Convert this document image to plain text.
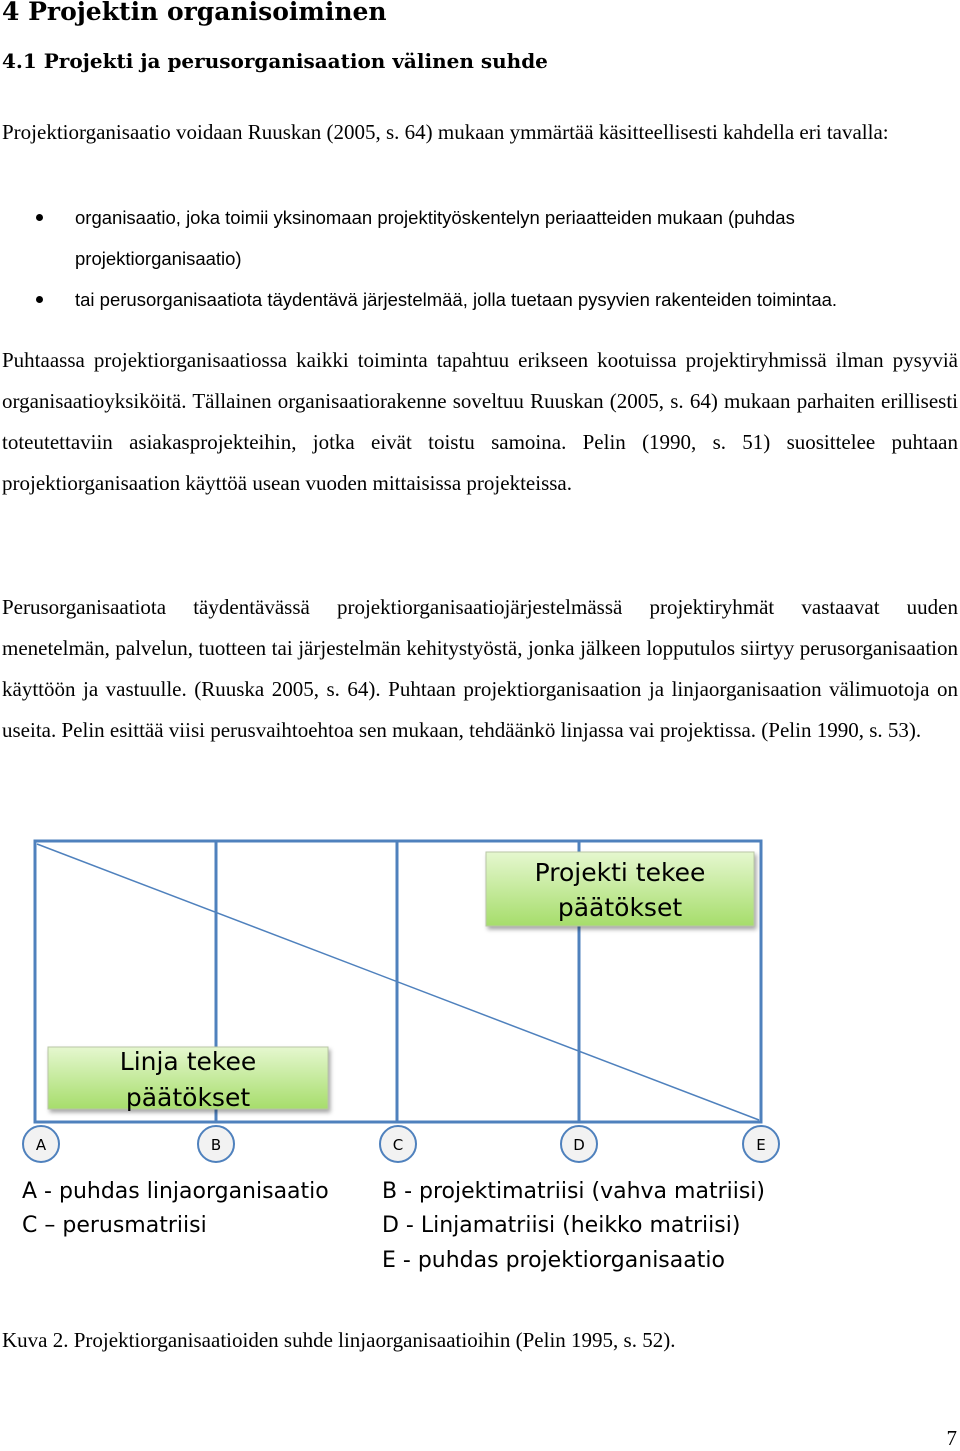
4 Projektin organisoiminen
4.1 Projekti ja perusorganisaation välinen suhde
Projektiorganisaatio voidaan Ruuskan (2005, s. 64) mukaan ymmärtää käsitteellisesti kahdella eri tavalla:
organisaatio, joka toimii yksinomaan projektityöskentelyn periaatteiden mukaan (puhdas projektiorganisaatio)
tai perusorganisaatiota täydentävä järjestelmää, jolla tuetaan pysyvien rakenteiden toimintaa.
Puhtaassa projektiorganisaatiossa kaikki toiminta tapahtuu erikseen kootuissa projektiryhmissä ilman pysyviä organisaatioyksiköitä. Tällainen organisaatiorakenne soveltuu Ruuskan (2005, s. 64) mukaan parhaiten erillisesti toteutettaviin asiakasprojekteihin, jotka eivät toistu samoina. Pelin (1990, s. 51) suosittelee puhtaan projektiorganisaation käyttöä usean vuoden mittaisissa projekteissa.
Perusorganisaatiota täydentävässä projektiorganisaatiojärjestelmässä projektiryhmät vastaavat uuden menetelmän, palvelun, tuotteen tai järjestelmän kehitystyöstä, jonka jälkeen lopputulos siirtyy perusorganisaation käyttöön ja vastuulle. (Ruuska 2005, s. 64). Puhtaan projektiorganisaation ja linjaorganisaation välimuotoja on useita. Pelin esittää viisi perusvaihtoehtoa sen mukaan, tehdäänkö linjassa vai projektissa. (Pelin 1990, s. 53).
Projekti tekee
päätökset
Linja tekee
päätökset
A	B	C	D	E
A - puhdas linjaorganisaatio
C – perusmatriisi
B - projektimatriisi (vahva matriisi)
D - Linjamatriisi (heikko matriisi)
E - puhdas projektiorganisaatio
Kuva 2. Projektiorganisaatioiden suhde linjaorganisaatioihin (Pelin 1995, s. 52).
7
